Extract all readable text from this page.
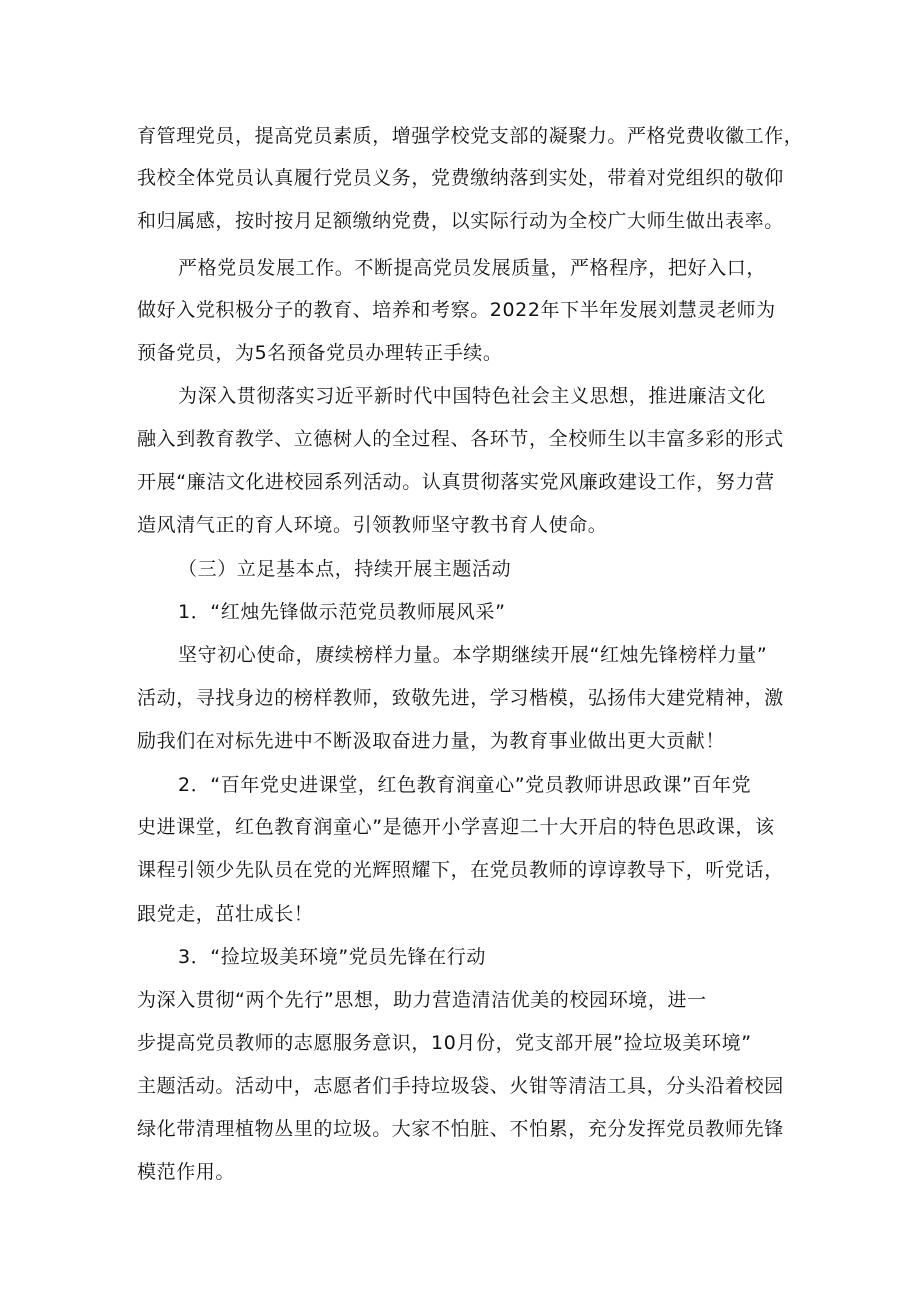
育管理党员，提高党员素质，增强学校党支部的凝聚力。严格党费收徽工作，
我校全体党员认真履行党员义务，党费缴纳落到实处，带着对党组织的敬仰
和归属感，按时按月足额缴纳党费，以实际行动为全校广大师生做出表率。
严格党员发展工作。不断提高党员发展质量，严格程序，把好入口，
做好入党积极分子的教育、培养和考察。2022年下半年发展刘慧灵老师为
预备党员，为5名预备党员办理转正手续。
为深入贯彻落实习近平新时代中国特色社会主义思想，推进廉洁文化
融入到教育教学、立德树人的全过程、各环节，全校师生以丰富多彩的形式
开展“廉洁文化进校园系列活动。认真贯彻落实党风廉政建设工作，努力营
造风清气正的育人环境。引领教师坚守教书育人使命。
（三）立足基本点，持续开展主题活动
1．“红烛先锋做示范党员教师展风采”
坚守初心使命，赓续榜样力量。本学期继续开展“红烛先锋榜样力量”
活动，寻找身边的榜样教师，致敬先进，学习楷模，弘扬伟大建党精神，激
励我们在对标先进中不断汲取奋进力量，为教育事业做出更大贡献！
2．“百年党史进课堂，红色教育润童心”党员教师讲思政课”百年党
史进课堂，红色教育润童心”是德开小学喜迎二十大开启的特色思政课，该
课程引领少先队员在党的光辉照耀下，在党员教师的谆谆教导下，听党话，
跟党走，茁壮成长！
3．“捡垃圾美环境”党员先锋在行动
为深入贯彻“两个先行”思想，助力营造清洁优美的校园环境，进一
步提高党员教师的志愿服务意识，10月份，党支部开展”捡垃圾美环境”
主题活动。活动中，志愿者们手持垃圾袋、火钳等清洁工具，分头沿着校园
绿化带清理植物丛里的垃圾。大家不怕脏、不怕累，充分发挥党员教师先锋
模范作用。
